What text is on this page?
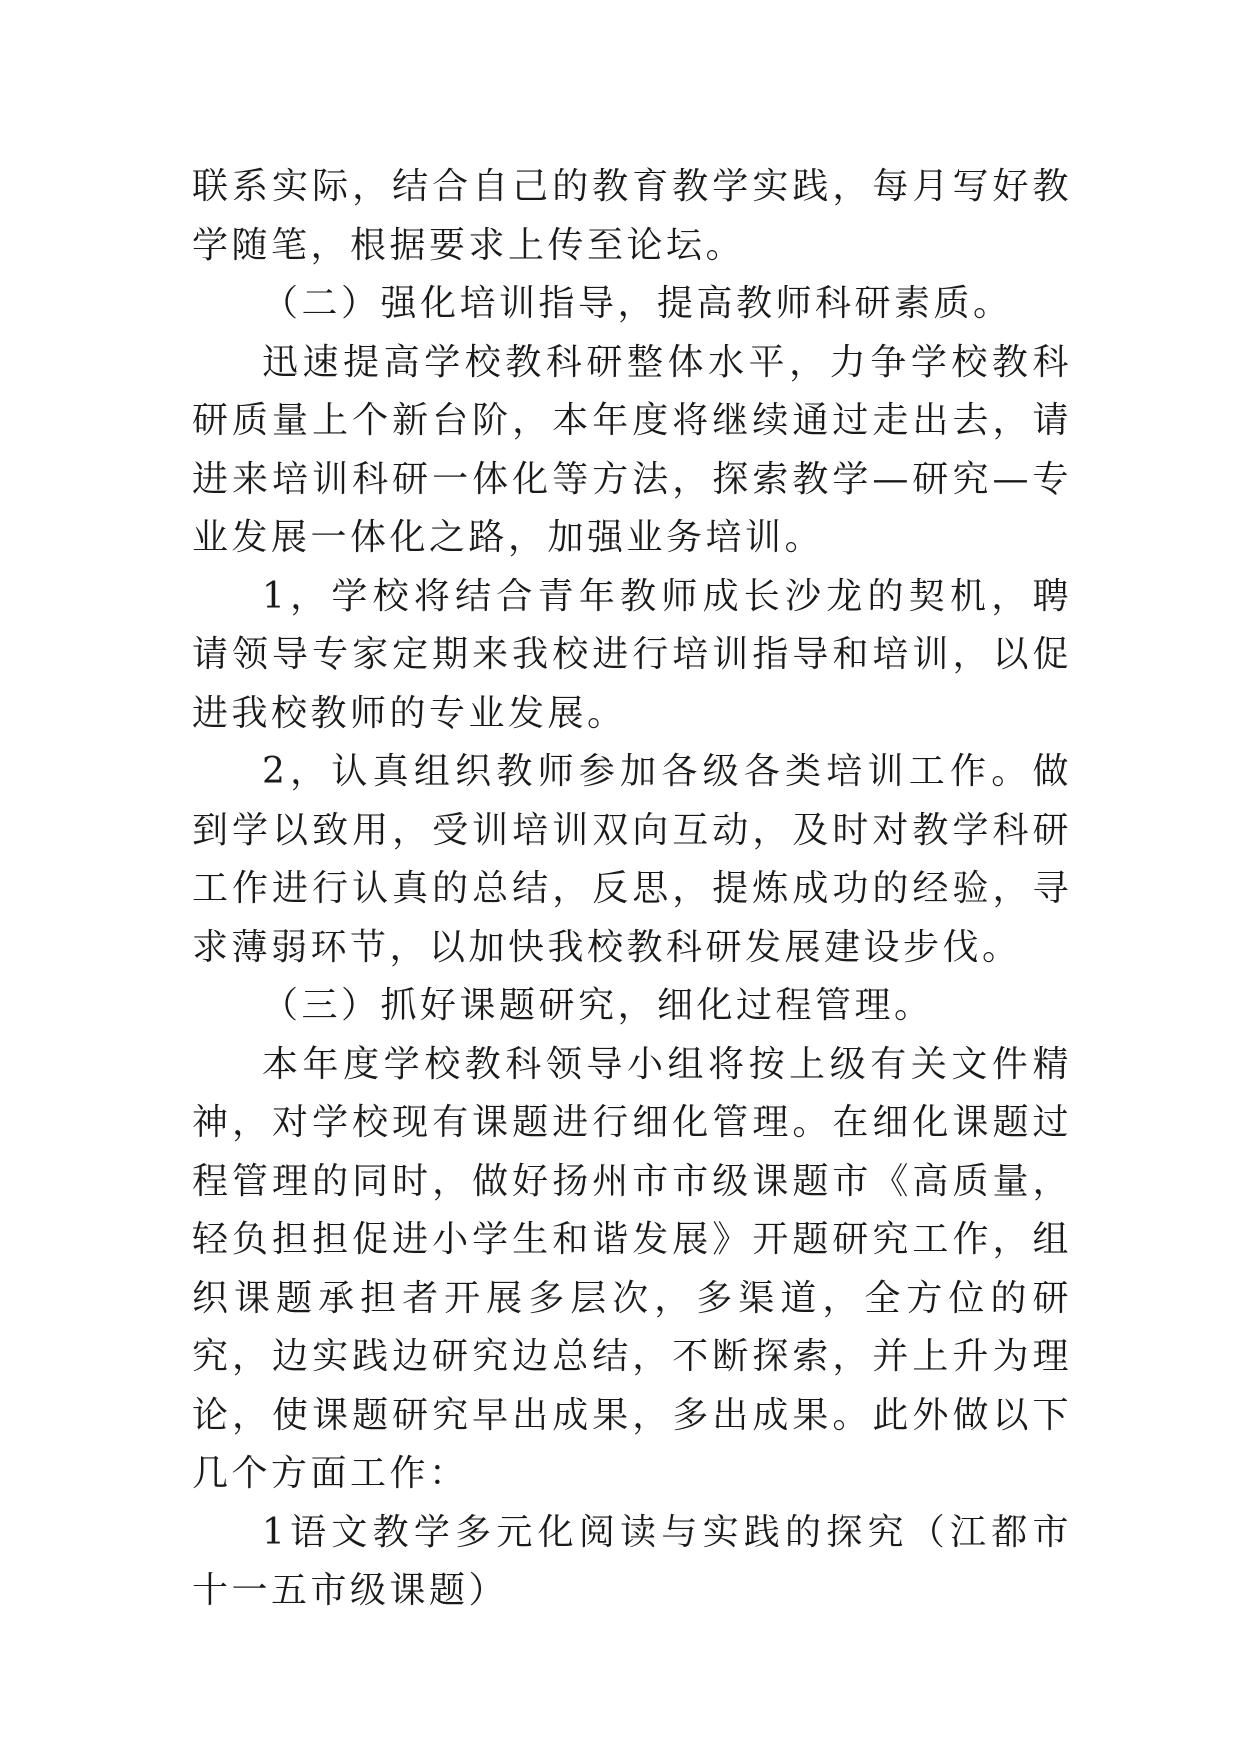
联系实际，结合自己的教育教学实践，每月写好教学随笔，根据要求上传至论坛。

（二）强化培训指导，提高教师科研素质。

迅速提高学校教科研整体水平，力争学校教科研质量上个新台阶，本年度将继续通过走出去，请进来培训科研一体化等方法，探索教学—研究—专业发展一体化之路，加强业务培训。

1，学校将结合青年教师成长沙龙的契机，聘请领导专家定期来我校进行培训指导和培训，以促进我校教师的专业发展。

2，认真组织教师参加各级各类培训工作。做到学以致用，受训培训双向互动，及时对教学科研工作进行认真的总结，反思，提炼成功的经验，寻求薄弱环节，以加快我校教科研发展建设步伐。

（三）抓好课题研究，细化过程管理。

本年度学校教科领导小组将按上级有关文件精神，对学校现有课题进行细化管理。在细化课题过程管理的同时，做好扬州市市级课题市《高质量，轻负担担促进小学生和谐发展》开题研究工作，组织课题承担者开展多层次，多渠道，全方位的研究，边实践边研究边总结，不断探索，并上升为理论，使课题研究早出成果，多出成果。此外做以下几个方面工作：

1语文教学多元化阅读与实践的探究（江都市十一五市级课题）
